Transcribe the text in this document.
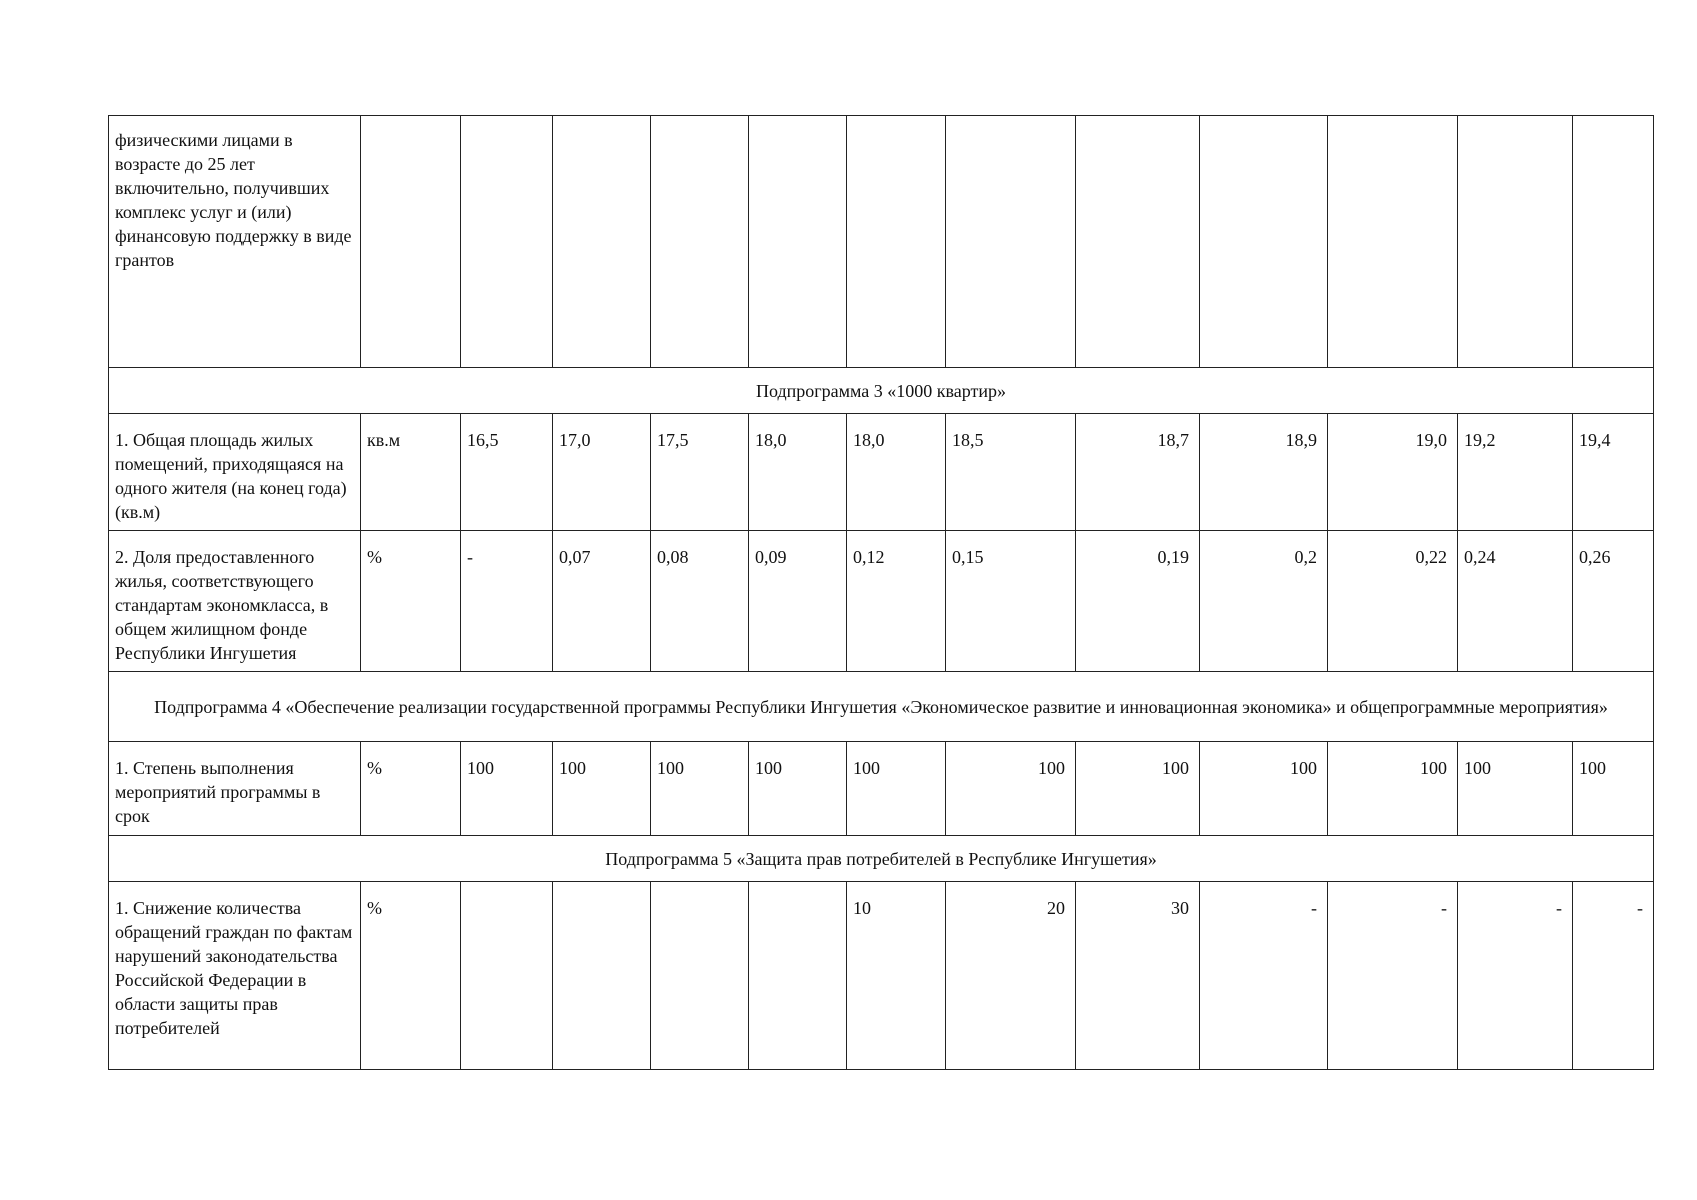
физическими лицами в возрасте до 25 лет включительно, получивших комплекс услуг и (или) финансовую поддержку в виде грантов												
Подпрограмма 3 «1000 квартир»												
1. Общая площадь жилых помещений, приходящаяся на одного жителя (на конец года) (кв.м)	кв.м	16,5	17,0	17,5	18,0	18,0	18,5	18,7	18,9	19,0	19,2	19,4
2. Доля предоставленного жилья, соответствующего стандартам экономкласса, в общем жилищном фонде Республики Ингушетия	%	-	0,07	0,08	0,09	0,12	0,15	0,19	0,2	0,22	0,24	0,26
Подпрограмма 4 «Обеспечение реализации государственной программы Республики Ингушетия «Экономическое развитие и инновационная экономика» и общепрограммные мероприятия»												
1. Степень выполнения мероприятий программы в срок	%	100	100	100	100	100	100	100	100	100	100	100
Подпрограмма 5 «Защита прав потребителей в Республике Ингушетия»												
1. Снижение количества обращений граждан по фактам нарушений законодательства Российской Федерации в области защиты прав потребителей	%					10	20	30	-	-	-	-
